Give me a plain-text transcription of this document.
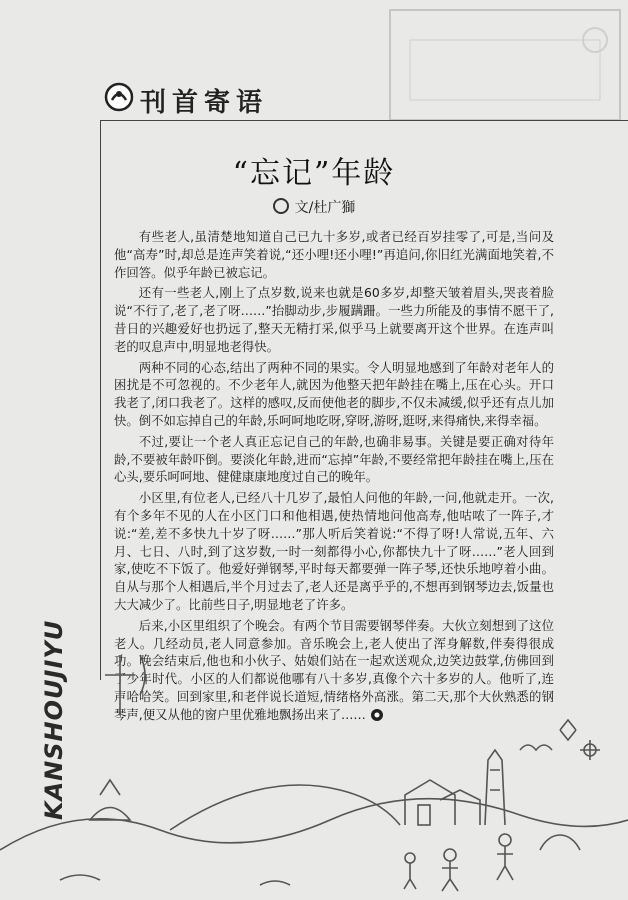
刊首寄语
“忘记”年龄
文/杜广獅

有些老人,虽清楚地知道自己已九十多岁,或者已经百岁挂零了,可是,当问及他“高寿”时,却总是连声笑着说,“还小哩!还小哩!”再追问,你旧红光满面地笑着,不作回答。似乎年龄已被忘记。

还有一些老人,刚上了点岁数,说来也就是60多岁,却整天皱着眉头,哭丧着脸说“不行了,老了,老了呀……”抬脚动步,步履蹒跚。一些力所能及的事情不愿干了,昔日的兴趣爱好也扔远了,整天无精打采,似乎马上就要离开这个世界。在连声叫老的叹息声中,明显地老得快。

两种不同的心态,结出了两种不同的果实。令人明显地感到了年龄对老年人的困扰是不可忽视的。不少老年人,就因为他整天把年龄挂在嘴上,压在心头。开口我老了,闭口我老了。这样的感叹,反而使他老的脚步,不仅未减缓,似乎还有点儿加快。倒不如忘掉自己的年龄,乐呵呵地吃呀,穿呀,游呀,逛呀,来得痛快,来得幸福。

不过,要让一个老人真正忘记自己的年龄,也确非易事。关键是要正确对待年龄,不要被年龄吓倒。要淡化年龄,进而“忘掉”年龄,不要经常把年龄挂在嘴上,压在心头,要乐呵呵地、健健康康地度过自己的晚年。

小区里,有位老人,已经八十几岁了,最怕人问他的年龄,一问,他就走开。一次,有个多年不见的人在小区门口和他相遇,使热情地问他高寿,他咕哝了一阵子,才说:“差,差不多快九十岁了呀……”那人听后笑着说:“不得了呀!人常说,五年、六月、七日、八时,到了这岁数,一时一刻都得小心,你都快九十了呀……”老人回到家,使吃不下饭了。他爱好弹钢琴,平时每天都要弹一阵子琴,还快乐地哼着小曲。自从与那个人相遇后,半个月过去了,老人还是离乎乎的,不想再到钢琴边去,饭量也大大减少了。比前些日子,明显地老了许多。

后来,小区里组织了个晚会。有两个节目需要钢琴伴奏。大伙立刻想到了这位老人。几经动员,老人同意参加。音乐晚会上,老人使出了浑身解数,伴奏得很成功。晚会结束后,他也和小伙子、姑娘们站在一起欢送观众,边笑边鼓掌,仿佛回到了少年时代。小区的人们都说他哪有八十多岁,真像个六十多岁的人。他听了,连声哈哈笑。回到家里,和老伴说长道短,情绪格外高涨。第二天,那个大伙熟悉的钢琴声,便又从他的窗户里优雅地飘扬出来了……

KANSHOUJIYU
